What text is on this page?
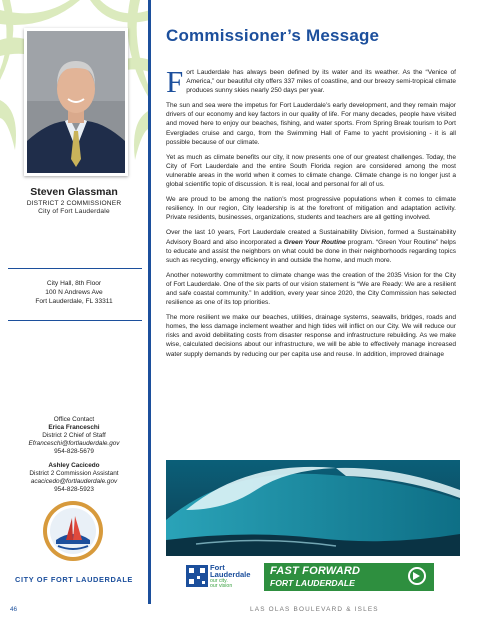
Steven Glassman
DISTRICT 2 COMMISSIONER
City of Fort Lauderdale
City Hall, 8th Floor
100 N Andrews Ave
Fort Lauderdale, FL 33311
Office Contact
Erica Franceschi
District 2 Chief of Staff
Efranceschi@fortlauderdale.gov
954-828-5679
Ashley Cacicedo
District 2 Commission Assistant
acacicedo@fortlauderdale.gov
954-828-5923
CITY OF FORT LAUDERDALE
Commissioner’s Message

Fort Lauderdale has always been defined by its water and its weather. As the “Venice of America,” our beautiful city offers 337 miles of coastline, and our breezy semi-tropical climate produces sunny skies nearly 250 days per year.

The sun and sea were the impetus for Fort Lauderdale’s early development, and they remain major drivers of our economy and key factors in our quality of life. For many decades, people have visited and moved here to enjoy our beaches, fishing, and water sports. From Spring Break tourism to Port Everglades cruise and cargo, from the Swimming Hall of Fame to yacht provisioning - it is all possible because of our climate.

Yet as much as climate benefits our city, it now presents one of our greatest challenges. Today, the City of Fort Lauderdale and the entire South Florida region are considered among the most vulnerable areas in the world when it comes to climate change. Climate change is no longer just a global scientific topic of discussion. It is real, local and personal for all of us.

We are proud to be among the nation’s most progressive populations when it comes to climate resiliency. In our region, City leadership is at the forefront of mitigation and adaptation activity. Private residents, businesses, organizations, students and teachers are all getting involved.

Over the last 10 years, Fort Lauderdale created a Sustainability Division, formed a Sustainability Advisory Board and also incorporated a Green Your Routine program. “Green Your Routine” helps to educate and assist the neighbors on what could be done in their neighborhoods regarding topics such as recycling, energy efficiency in and outside the home, and much more.

Another noteworthy commitment to climate change was the creation of the 2035 Vision for the City of Fort Lauderdale. One of the six parts of our vision statement is “We are Ready: We are a resilient and safe coastal community.” In addition, every year since 2020, the City Commission has selected resilience as one of its top priorities.

The more resilient we make our beaches, utilities, drainage systems, seawalls, bridges, roads and homes, the less damage inclement weather and high tides will inflict on our City. We will reduce our risks and avoid debilitating costs from disaster response and infrastructure rebuilding. As we make wise, calculated decisions about our infrastructure, we will be able to effectively manage increased water supply demands by reducing our per capita use and reuse. In addition, improved drainage

Fort
Lauderdale
our city.
our vision
FAST FORWARD
FORT LAUDERDALE
46	LAS OLAS BOULEVARD & ISLES
